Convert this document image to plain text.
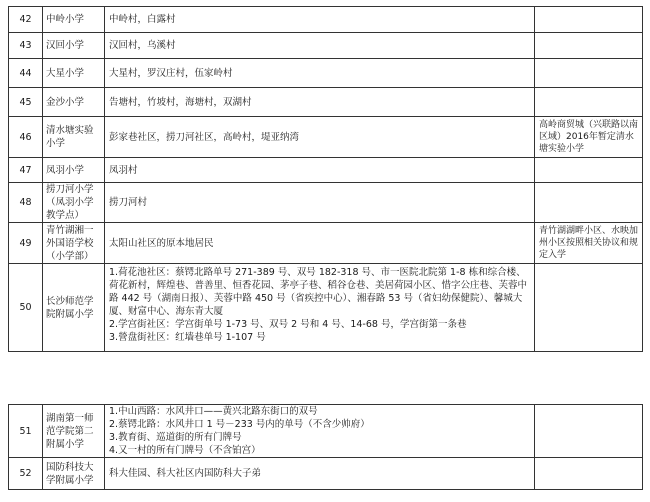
42	中岭小学	中岭村，白露村	

43	汉回小学	汉回村，乌溪村	

44	大星小学	大星村，罗汉庄村，伍家岭村	

45	金沙小学	告塘村，竹坡村，海塘村，双湖村	

46	清水塘实验小学	彭家巷社区，捞刀河社区，高岭村，堤亚纳湾	高岭商贸城（兴联路以南区域）2016年暂定清水塘实验小学
47	凤羽小学	凤羽村	

48	捞刀河小学（凤羽小学教学点）	捞刀河村	

49	青竹湖湘一外国语学校（小学部）	太阳山社区的原本地居民	青竹湖湖畔小区、水映加州小区按照相关协议和规定入学
50	长沙师范学院附属小学	1.荷花池社区：蔡锷北路单号 271-389 号、双号 182-318 号、市一医院北院第 1-8 栋和综合楼、荷花新村，辉煌巷、普善里、恒香花园、茅亭子巷、稻谷仓巷、美居荷园小区、惜字公庄巷、芙蓉中路 442 号（湖南日报）、芙蓉中路 450 号（省疾控中心）、湘春路 53 号（省妇幼保健院）、馨城大厦、财富中心、海东青大厦
2.学宫街社区：学宫街单号 1-73 号、双号 2 号和 4 号、14-68 号，学宫街第一条巷
3.營盘街社区：红墙巷单号 1-107 号	

51	湖南第一师范学院第二附属小学	1.中山西路：水风井口——黄兴北路东街口的双号
2.蔡锷北路：水风井口 1 号－233 号内的单号（不含少帅府）
3.教育街、巡道街的所有门牌号
4.又一村的所有门牌号（不含铂宫）	

52	国防科技大学附属小学	科大佳园、科大社区内国防科大子弟	
